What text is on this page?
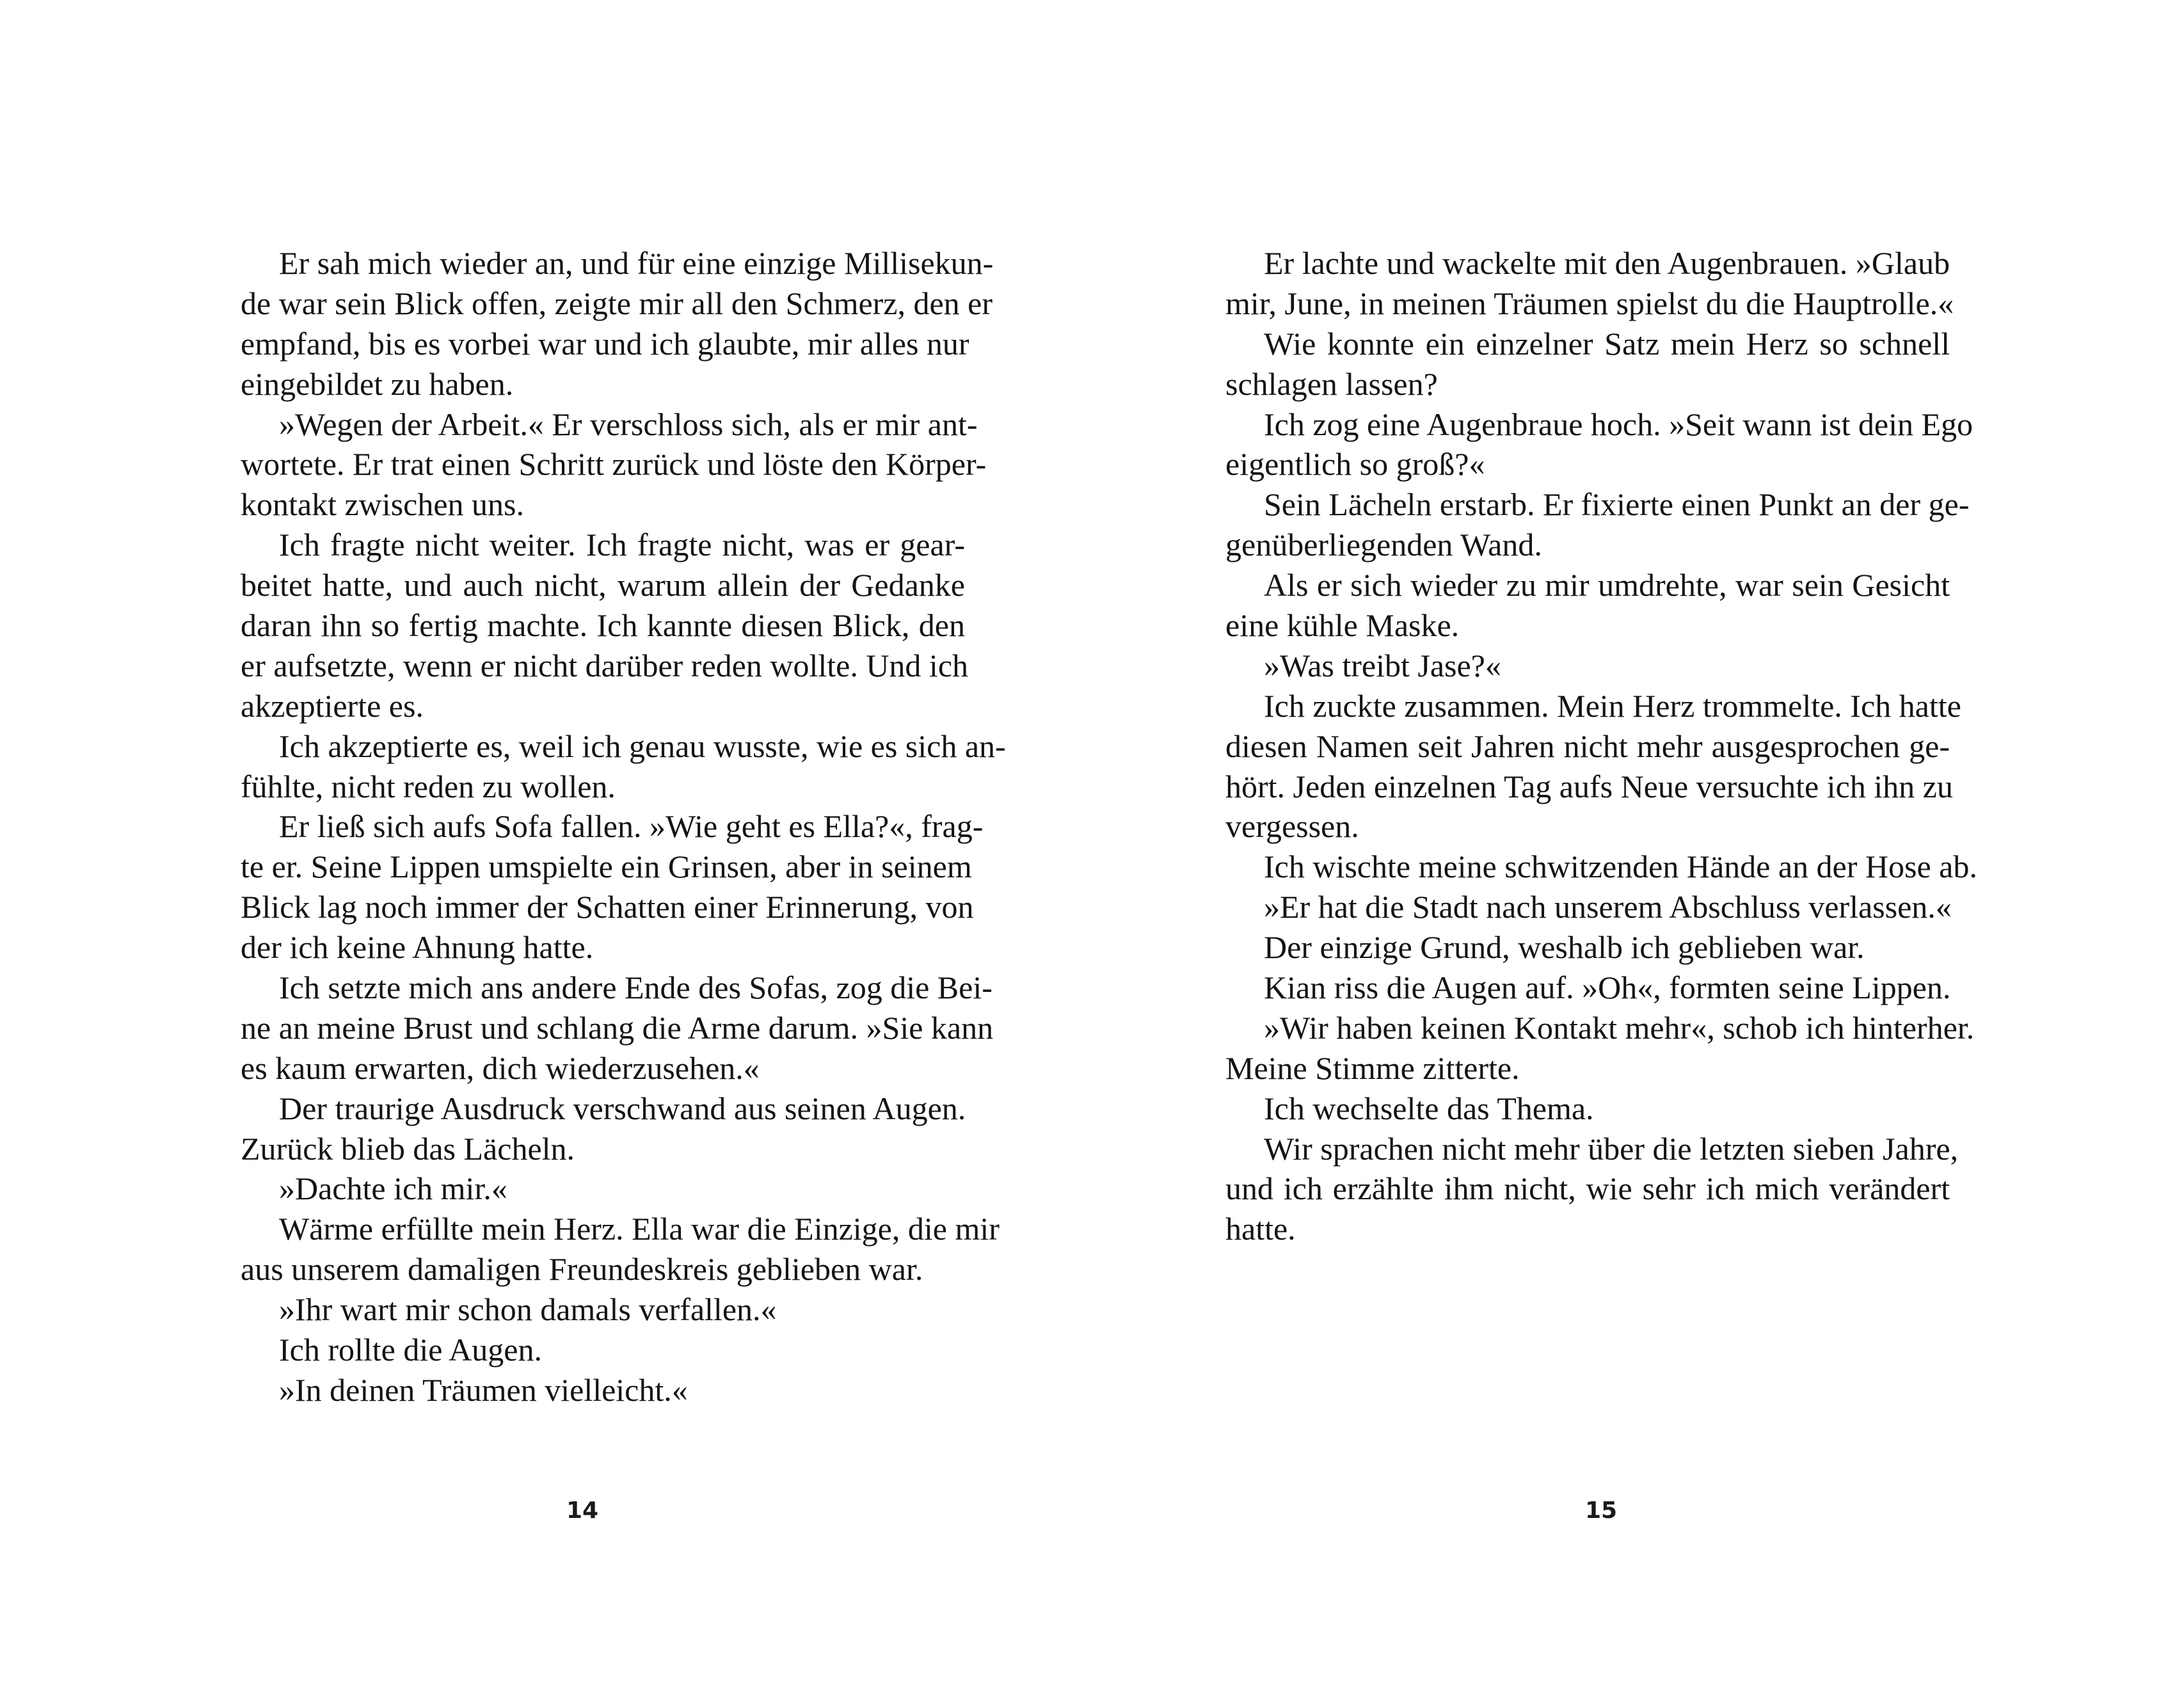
Er sah mich wieder an, und für eine einzige Millisekun-
de war sein Blick offen, zeigte mir all den Schmerz, den er
empfand, bis es vorbei war und ich glaubte, mir alles nur
eingebildet zu haben.
»Wegen der Arbeit.« Er verschloss sich, als er mir ant-
wortete. Er trat einen Schritt zurück und löste den Körper-
kontakt zwischen uns.
Ich fragte nicht weiter. Ich fragte nicht, was er gear-
beitet hatte, und auch nicht, warum allein der Gedanke
daran ihn so fertig machte. Ich kannte diesen Blick, den
er aufsetzte, wenn er nicht darüber reden wollte. Und ich
akzeptierte es.
Ich akzeptierte es, weil ich genau wusste, wie es sich an-
fühlte, nicht reden zu wollen.
Er ließ sich aufs Sofa fallen. »Wie geht es Ella?«, frag-
te er. Seine Lippen umspielte ein Grinsen, aber in seinem
Blick lag noch immer der Schatten einer Erinnerung, von
der ich keine Ahnung hatte.
Ich setzte mich ans andere Ende des Sofas, zog die Bei-
ne an meine Brust und schlang die Arme darum. »Sie kann
es kaum erwarten, dich wiederzusehen.«
Der traurige Ausdruck verschwand aus seinen Augen.
Zurück blieb das Lächeln.
»Dachte ich mir.«
Wärme erfüllte mein Herz. Ella war die Einzige, die mir
aus unserem damaligen Freundeskreis geblieben war.
»Ihr wart mir schon damals verfallen.«
Ich rollte die Augen.
»In deinen Träumen vielleicht.«
Er lachte und wackelte mit den Augenbrauen. »Glaub
mir, June, in meinen Träumen spielst du die Hauptrolle.«
Wie konnte ein einzelner Satz mein Herz so schnell
schlagen lassen?
Ich zog eine Augenbraue hoch. »Seit wann ist dein Ego
eigentlich so groß?«
Sein Lächeln erstarb. Er fixierte einen Punkt an der ge-
genüberliegenden Wand.
Als er sich wieder zu mir umdrehte, war sein Gesicht
eine kühle Maske.
»Was treibt Jase?«
Ich zuckte zusammen. Mein Herz trommelte. Ich hatte
diesen Namen seit Jahren nicht mehr ausgesprochen ge-
hört. Jeden einzelnen Tag aufs Neue versuchte ich ihn zu
vergessen.
Ich wischte meine schwitzenden Hände an der Hose ab.
»Er hat die Stadt nach unserem Abschluss verlassen.«
Der einzige Grund, weshalb ich geblieben war.
Kian riss die Augen auf. »Oh«, formten seine Lippen.
»Wir haben keinen Kontakt mehr«, schob ich hinterher.
Meine Stimme zitterte.
Ich wechselte das Thema.
Wir sprachen nicht mehr über die letzten sieben Jahre,
und ich erzählte ihm nicht, wie sehr ich mich verändert
hatte.
14	15
